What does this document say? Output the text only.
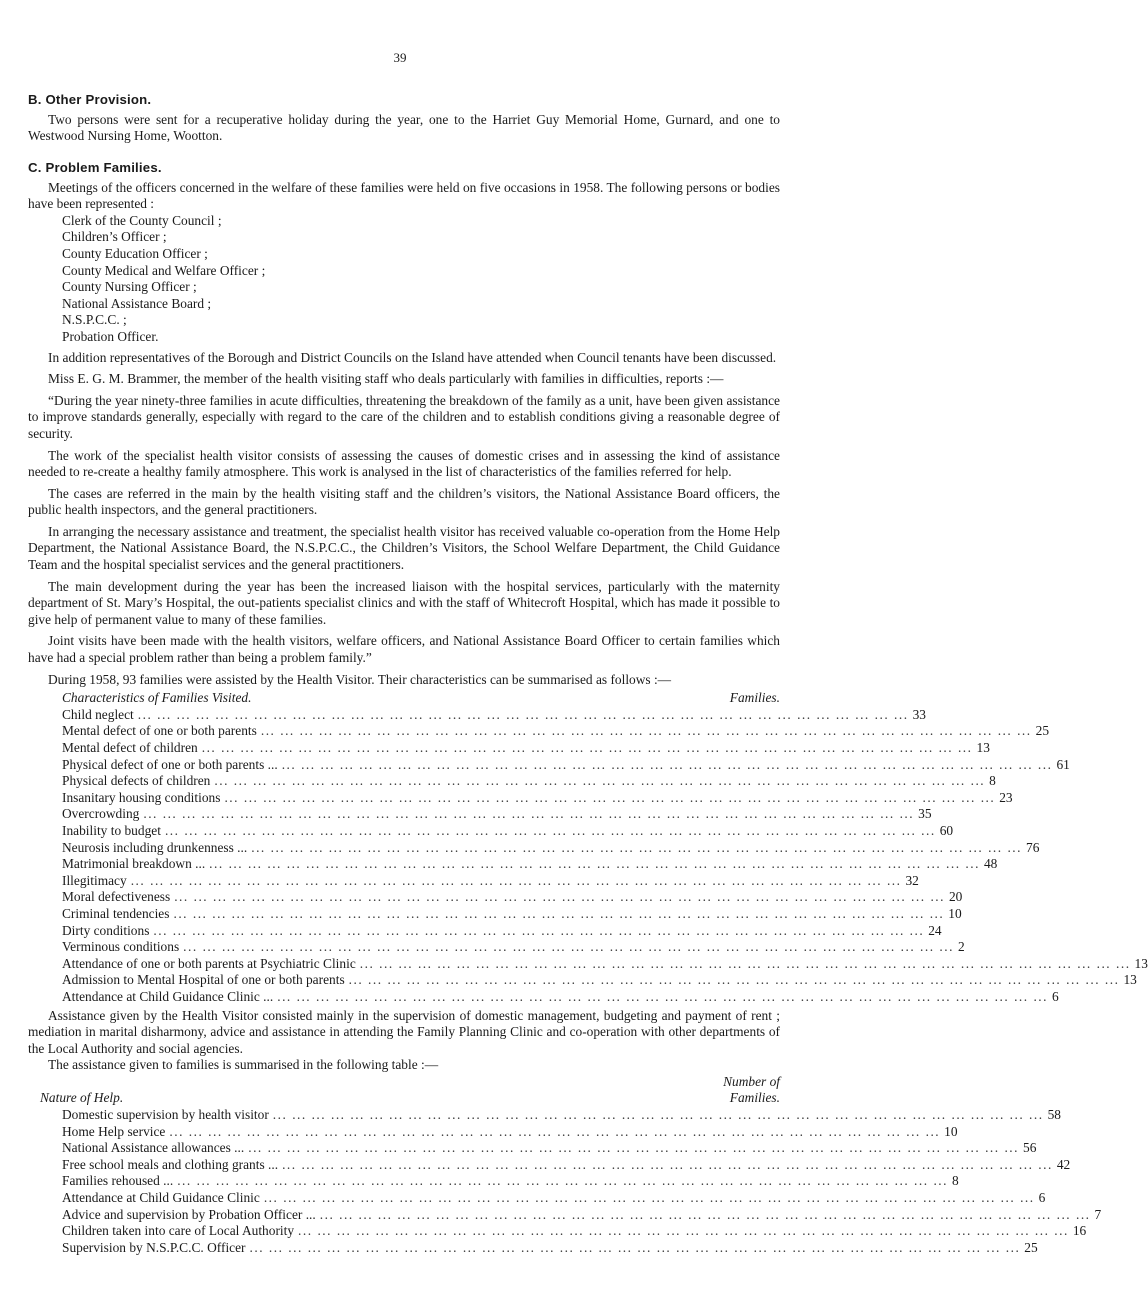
39
B. Other Provision.

Two persons were sent for a recuperative holiday during the year, one to the Harriet Guy Memorial Home, Gurnard, and one to Westwood Nursing Home, Wootton.

C. Problem Families.

Meetings of the officers concerned in the welfare of these families were held on five occasions in 1958. The following persons or bodies have been represented :

Clerk of the County Council ;
Children’s Officer ;
County Education Officer ;
County Medical and Welfare Officer ;
County Nursing Officer ;
National Assistance Board ;
N.S.P.C.C. ;
Probation Officer.

In addition representatives of the Borough and District Councils on the Island have attended when Council tenants have been discussed.

Miss E. G. M. Brammer, the member of the health visiting staff who deals particularly with families in difficulties, reports :—

“During the year ninety-three families in acute difficulties, threatening the breakdown of the family as a unit, have been given assistance to improve standards generally, especially with regard to the care of the children and to establish conditions giving a reasonable degree of security.

The work of the specialist health visitor consists of assessing the causes of domestic crises and in assessing the kind of assistance needed to re-create a healthy family atmosphere. This work is analysed in the list of characteristics of the families referred for help.

The cases are referred in the main by the health visiting staff and the children’s visitors, the National Assistance Board officers, the public health inspectors, and the general practitioners.

In arranging the necessary assistance and treatment, the specialist health visitor has received valuable co-operation from the Home Help Department, the National Assistance Board, the N.S.P.C.C., the Children’s Visitors, the School Welfare Department, the Child Guidance Team and the hospital specialist services and the general practitioners.

The main development during the year has been the increased liaison with the hospital services, particularly with the maternity department of St. Mary’s Hospital, the out-patients specialist clinics and with the staff of Whitecroft Hospital, which has made it possible to give help of permanent value to many of these families.

Joint visits have been made with the health visitors, welfare officers, and National Assistance Board Officer to certain families which have had a special problem rather than being a problem family.”

During 1958, 93 families were assisted by the Health Visitor. Their characteristics can be summarised as follows :—

Characteristics of Families Visited.	Families.
Child neglect ... ... ... ... ... ... ... ... ... ... ... ... ... ... ... ... ... ... ... ... ... ... ... ... ... ... ... ... ... ... ... ... ... ... ... ... ... ... ... ... 33
Mental defect of one or both parents ... ... ... ... ... ... ... ... ... ... ... ... ... ... ... ... ... ... ... ... ... ... ... ... ... ... ... ... ... ... ... ... ... ... ... ... ... ... ... ... 25
Mental defect of children ... ... ... ... ... ... ... ... ... ... ... ... ... ... ... ... ... ... ... ... ... ... ... ... ... ... ... ... ... ... ... ... ... ... ... ... ... ... ... ... 13
Physical defect of one or both parents ... ... ... ... ... ... ... ... ... ... ... ... ... ... ... ... ... ... ... ... ... ... ... ... ... ... ... ... ... ... ... ... ... ... ... ... ... ... ... ... ... 61
Physical defects of children ... ... ... ... ... ... ... ... ... ... ... ... ... ... ... ... ... ... ... ... ... ... ... ... ... ... ... ... ... ... ... ... ... ... ... ... ... ... ... ... 8
Insanitary housing conditions ... ... ... ... ... ... ... ... ... ... ... ... ... ... ... ... ... ... ... ... ... ... ... ... ... ... ... ... ... ... ... ... ... ... ... ... ... ... ... ... 23
Overcrowding ... ... ... ... ... ... ... ... ... ... ... ... ... ... ... ... ... ... ... ... ... ... ... ... ... ... ... ... ... ... ... ... ... ... ... ... ... ... ... ... 35
Inability to budget ... ... ... ... ... ... ... ... ... ... ... ... ... ... ... ... ... ... ... ... ... ... ... ... ... ... ... ... ... ... ... ... ... ... ... ... ... ... ... ... 60
Neurosis including drunkenness ... ... ... ... ... ... ... ... ... ... ... ... ... ... ... ... ... ... ... ... ... ... ... ... ... ... ... ... ... ... ... ... ... ... ... ... ... ... ... ... ... 76
Matrimonial breakdown ... ... ... ... ... ... ... ... ... ... ... ... ... ... ... ... ... ... ... ... ... ... ... ... ... ... ... ... ... ... ... ... ... ... ... ... ... ... ... ... ... 48
Illegitimacy ... ... ... ... ... ... ... ... ... ... ... ... ... ... ... ... ... ... ... ... ... ... ... ... ... ... ... ... ... ... ... ... ... ... ... ... ... ... ... ... 32
Moral defectiveness ... ... ... ... ... ... ... ... ... ... ... ... ... ... ... ... ... ... ... ... ... ... ... ... ... ... ... ... ... ... ... ... ... ... ... ... ... ... ... ... 20
Criminal tendencies ... ... ... ... ... ... ... ... ... ... ... ... ... ... ... ... ... ... ... ... ... ... ... ... ... ... ... ... ... ... ... ... ... ... ... ... ... ... ... ... 10
Dirty conditions ... ... ... ... ... ... ... ... ... ... ... ... ... ... ... ... ... ... ... ... ... ... ... ... ... ... ... ... ... ... ... ... ... ... ... ... ... ... ... ... 24
Verminous conditions ... ... ... ... ... ... ... ... ... ... ... ... ... ... ... ... ... ... ... ... ... ... ... ... ... ... ... ... ... ... ... ... ... ... ... ... ... ... ... ... 2
Attendance of one or both parents at Psychiatric Clinic ... ... ... ... ... ... ... ... ... ... ... ... ... ... ... ... ... ... ... ... ... ... ... ... ... ... ... ... ... ... ... ... ... ... ... ... ... ... ... ... 13
Admission to Mental Hospital of one or both parents ... ... ... ... ... ... ... ... ... ... ... ... ... ... ... ... ... ... ... ... ... ... ... ... ... ... ... ... ... ... ... ... ... ... ... ... ... ... ... ... 13
Attendance at Child Guidance Clinic ... ... ... ... ... ... ... ... ... ... ... ... ... ... ... ... ... ... ... ... ... ... ... ... ... ... ... ... ... ... ... ... ... ... ... ... ... ... ... ... ... 6

Assistance given by the Health Visitor consisted mainly in the supervision of domestic management, budgeting and payment of rent ; mediation in marital disharmony, advice and assistance in attending the Family Planning Clinic and co-operation with other departments of the Local Authority and social agencies.

The assistance given to families is summarised in the following table :—

Nature of Help.
Number of
Families.
Domestic supervision by health visitor ... ... ... ... ... ... ... ... ... ... ... ... ... ... ... ... ... ... ... ... ... ... ... ... ... ... ... ... ... ... ... ... ... ... ... ... ... ... ... ... 58
Home Help service ... ... ... ... ... ... ... ... ... ... ... ... ... ... ... ... ... ... ... ... ... ... ... ... ... ... ... ... ... ... ... ... ... ... ... ... ... ... ... ... 10
National Assistance allowances ... ... ... ... ... ... ... ... ... ... ... ... ... ... ... ... ... ... ... ... ... ... ... ... ... ... ... ... ... ... ... ... ... ... ... ... ... ... ... ... ... 56
Free school meals and clothing grants ... ... ... ... ... ... ... ... ... ... ... ... ... ... ... ... ... ... ... ... ... ... ... ... ... ... ... ... ... ... ... ... ... ... ... ... ... ... ... ... ... 42
Families rehoused ... ... ... ... ... ... ... ... ... ... ... ... ... ... ... ... ... ... ... ... ... ... ... ... ... ... ... ... ... ... ... ... ... ... ... ... ... ... ... ... ... 8
Attendance at Child Guidance Clinic ... ... ... ... ... ... ... ... ... ... ... ... ... ... ... ... ... ... ... ... ... ... ... ... ... ... ... ... ... ... ... ... ... ... ... ... ... ... ... ... 6
Advice and supervision by Probation Officer ... ... ... ... ... ... ... ... ... ... ... ... ... ... ... ... ... ... ... ... ... ... ... ... ... ... ... ... ... ... ... ... ... ... ... ... ... ... ... ... ... 7
Children taken into care of Local Authority ... ... ... ... ... ... ... ... ... ... ... ... ... ... ... ... ... ... ... ... ... ... ... ... ... ... ... ... ... ... ... ... ... ... ... ... ... ... ... ... 16
Supervision by N.S.P.C.C. Officer ... ... ... ... ... ... ... ... ... ... ... ... ... ... ... ... ... ... ... ... ... ... ... ... ... ... ... ... ... ... ... ... ... ... ... ... ... ... ... ... 25
